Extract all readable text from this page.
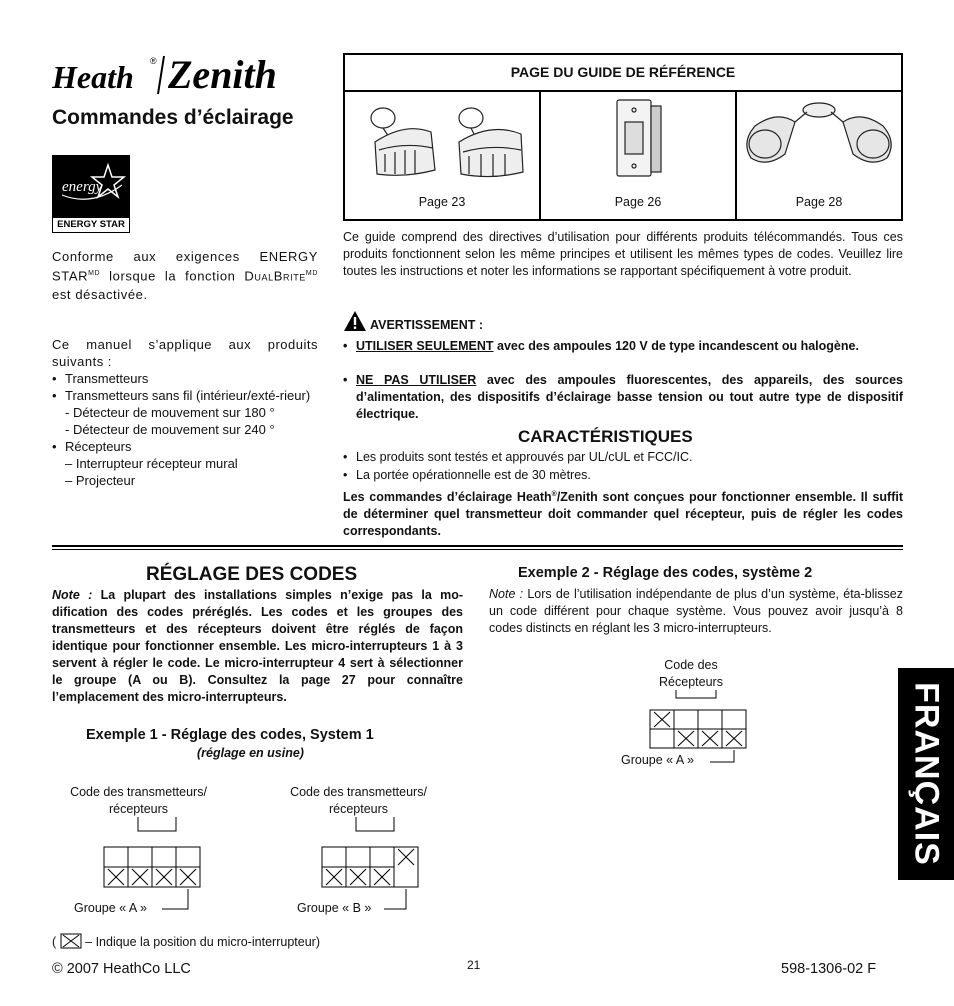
Heath ® Zenith
Commandes d’éclairage
energy
ENERGY STAR
Conforme aux exigences ENERGY $STAR^{MD}$ lorsque la fonction $DUALBRITE^{MD}$ est désactivée.
Ce manuel s’applique aux produits suivants :
• Transmetteurs
• Transmetteurs sans fil (intérieur/exté-rieur)
- Détecteur de mouvement sur 180 °
- Détecteur de mouvement sur 240 °
• Récepteurs
– Interrupteur récepteur mural
– Projecteur
PAGE DU GUIDE DE RÉFÉRENCE
Page 23	Page 26	Page 28
Ce guide comprend des directives d’utilisation pour différents produits télécommandés. Tous ces produits fonctionnent selon les même principes et utilisent les mêmes types de codes. Veuillez lire toutes les instructions et noter les informations se rapportant spécifiquement à votre produit.
AVERTISSEMENT :
• UTILISER SEULEMENT avec des ampoules 120 V de type incandescent ou halogène.
• NE PAS UTILISER avec des ampoules fluorescentes, des appareils, des sources d’alimentation, des dispositifs d’éclairage basse tension ou tout autre type de dispositif électrique.
CARACTÉRISTIQUES
• Les produits sont testés et approuvés par UL/cUL et FCC/IC.
• La portée opérationnelle est de 30 mètres.
Les commandes d’éclairage Heath®/Zenith sont conçues pour fonctionner ensemble. Il suffit de déterminer quel transmetteur doit commander quel récepteur, puis de régler les codes correspondants.
RÉGLAGE DES CODES
Note : La plupart des installations simples n’exige pas la mo-dification des codes préréglés. Les codes et les groupes des transmetteurs et des récepteurs doivent être réglés de façon identique pour fonctionner ensemble. Les micro-interrupteurs 1 à 3 servent à régler le code. Le micro-interrupteur 4 sert à sélectionner le groupe (A ou B). Consultez la page 27 pour connaître l’emplacement des micro-interrupteurs.
Exemple 1 - Réglage des codes, System 1
(réglage en usine)
Code des transmetteurs/ récepteurs
Groupe « A »
Code des transmetteurs/ récepteurs
Groupe « B »
(  – Indique la position du micro-interrupteur)
Exemple 2 - Réglage des codes, système 2
Note : Lors de l’utilisation indépendante de plus d’un système, éta-blissez un code différent pour chaque système. Vous pouvez avoir jusqu’à 8 codes distincts en réglant les 3 micro-interrupteurs.
Code des Récepteurs
Groupe « A »	FRANÇAIS
© 2007 HeathCo LLC	21	598-1306-02 F
